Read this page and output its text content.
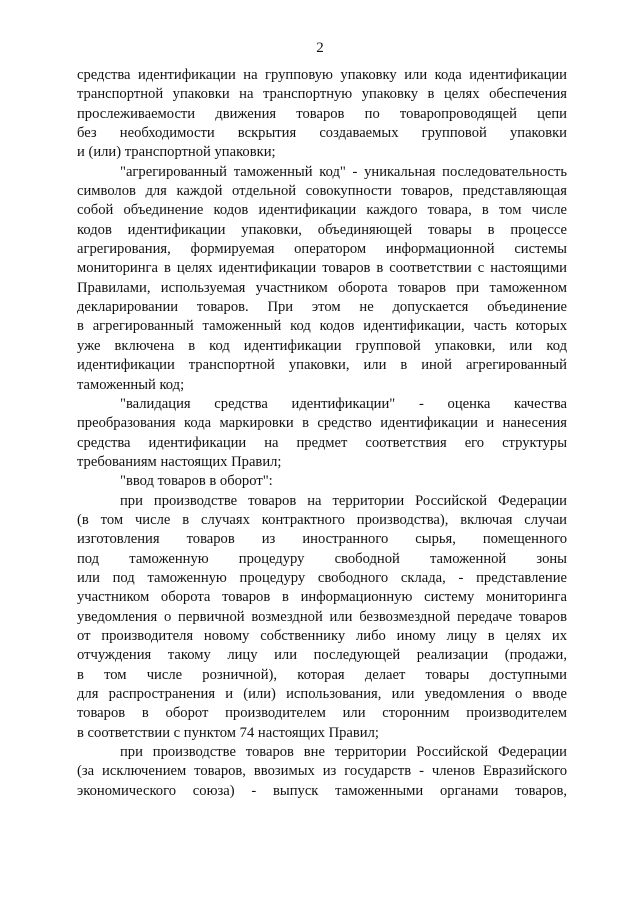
2
средства идентификации на групповую упаковку или кода идентификации
транспортной упаковки на транспортную упаковку в целях обеспечения
прослеживаемости движения товаров по товаропроводящей цепи
без необходимости вскрытия создаваемых групповой упаковки
и (или) транспортной упаковки;
"агрегированный таможенный код" - уникальная последовательность
символов для каждой отдельной совокупности товаров, представляющая
собой объединение кодов идентификации каждого товара, в том числе
кодов идентификации упаковки, объединяющей товары в процессе
агрегирования, формируемая оператором информационной системы
мониторинга в целях идентификации товаров в соответствии с настоящими
Правилами, используемая участником оборота товаров при таможенном
декларировании товаров. При этом не допускается объединение
в агрегированный таможенный код кодов идентификации, часть которых
уже включена в код идентификации групповой упаковки, или код
идентификации транспортной упаковки, или в иной агрегированный
таможенный код;
"валидация средства идентификации" - оценка качества
преобразования кода маркировки в средство идентификации и нанесения
средства идентификации на предмет соответствия его структуры
требованиям настоящих Правил;
"ввод товаров в оборот":
при производстве товаров на территории Российской Федерации
(в том числе в случаях контрактного производства), включая случаи
изготовления товаров из иностранного сырья, помещенного
под таможенную процедуру свободной таможенной зоны
или под таможенную процедуру свободного склада, - представление
участником оборота товаров в информационную систему мониторинга
уведомления о первичной возмездной или безвозмездной передаче товаров
от производителя новому собственнику либо иному лицу в целях их
отчуждения такому лицу или последующей реализации (продажи,
в том числе розничной), которая делает товары доступными
для распространения и (или) использования, или уведомления о вводе
товаров в оборот производителем или сторонним производителем
в соответствии с пунктом 74 настоящих Правил;
при производстве товаров вне территории Российской Федерации
(за исключением товаров, ввозимых из государств - членов Евразийского
экономического союза) - выпуск таможенными органами товаров,
